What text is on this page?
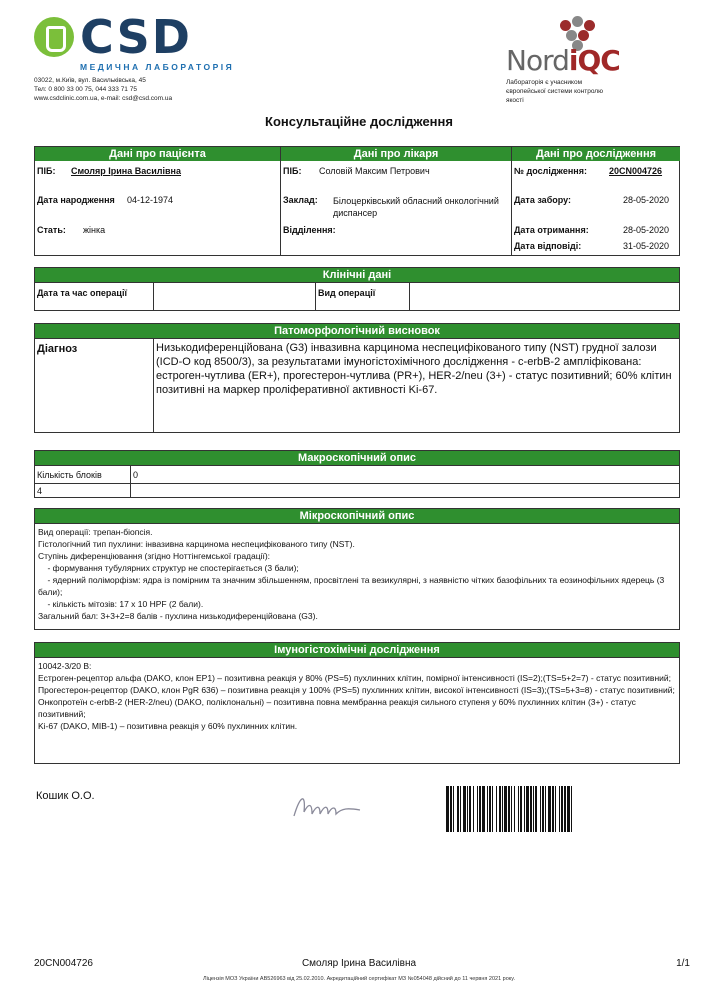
CSD
МЕДИЧНА ЛАБОРАТОРІЯ
03022, м.Київ, вул. Васильківська, 45
Тел: 0 800 33 00 75, 044 333 71 75
www.csdclinic.com.ua, e-mail: csd@csd.com.ua
NordiQC
Лабораторія є учасником європейської системи контролю якості
Консультаційне дослідження
Дані про пацієнта	Дані про лікаря	Дані про дослідження
ПІБ: Смоляр Ірина Василівна
Дата народження 04-12-1974
Стать: жінка
ПІБ: Соловій Максим Петрович
Заклад: Білоцерківський обласний онкологічний диспансер
Відділення:
№ дослідження: 20CN004726
Дата забору:	28-05-2020
Дата отримання:	28-05-2020
Дата відповіді:	31-05-2020
Клінічні дані
Дата та час операції	Вид операції
Патоморфологічний висновок
Діагноз	Низькодиференційована (G3) інвазивна карцинома неспецифікованого типу (NST) грудної залози (ICD-O код 8500/3), за результатами імуногістохімічного дослідження - c-erbB-2 ампліфікована: естроген-чутлива (ER+), прогестерон-чутлива (PR+), HER-2/neu (3+) - статус позитивний; 60% клітин позитивні на маркер проліферативної активності Ki-67.
Макроскопічний опис
Кількість блоків	0
4
Мікроскопічний опис
Вид операції: трепан-біопсія.
Гістологічний тип пухлини: інвазивна карцинома неспецифікованого типу (NST).
Ступінь диференціювання (згідно Ноттінгемської градації):
- формування тубулярних структур не спостерігається (3 бали);
- ядерний поліморфізм: ядра із помірним та значним збільшенням, просвітлені та везикулярні, з наявністю чітких базофільних та еозинофільних ядерець (3 бали);
- кількість мітозів: 17 х 10 HPF (2 бали).
Загальний бал: 3+3+2=8 балів - пухлина низькодиференційована (G3).
Імуногістохімічні дослідження
10042-3/20 B:
Естроген-рецептор альфа (DAKO, клон EP1) – позитивна реакція у 80% (PS=5) пухлинних клітин, помірної інтенсивності (IS=2);(TS=5+2=7) - статус позитивний;
Прогестерон-рецептор (DAKO, клон PgR 636) – позитивна реакція у 100% (PS=5) пухлинних клітин, високої інтенсивності (IS=3);(TS=5+3=8) - статус позитивний;
Онкопротеїн c-erbB-2 (HER-2/neu) (DAKO, поліклональні) – позитивна повна мембранна реакція сильного ступеня у 60% пухлинних клітин (3+) - статус позитивний;
Ki-67 (DAKO, MIB-1) – позитивна реакція у 60% пухлинних клітин.
Кошик О.О.
20CN004726	Смоляр Ірина Василівна	1/1
Ліцензія МОЗ України АВ526963 від 25.02.2010. Акредитаційний сертифікат МЗ №054048 дійсний до 11 червня 2021 року.
